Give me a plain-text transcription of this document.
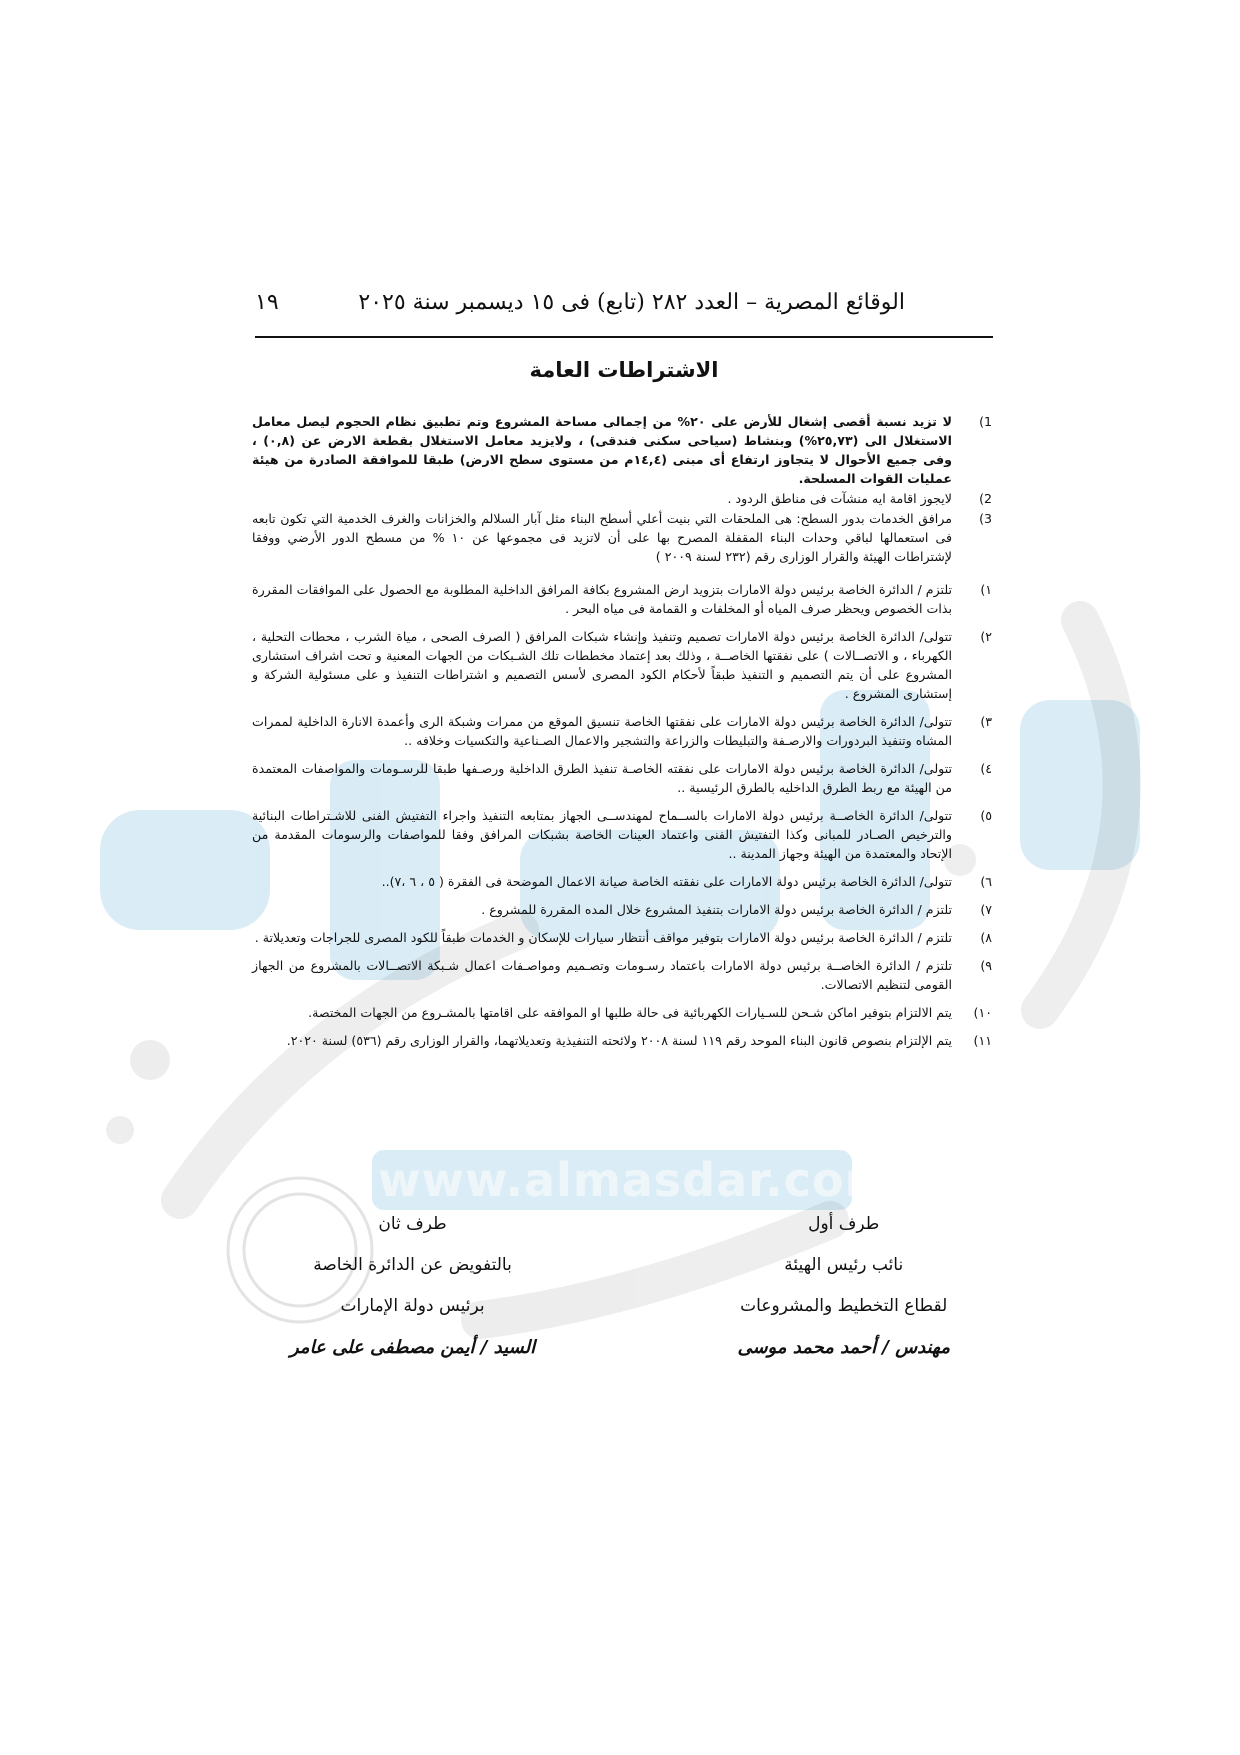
www.almasdar.com
الوقائع المصرية – العدد ٢٨٢ (تابع) فى ١٥ ديسمبر سنة ٢٠٢٥
١٩
الاشتراطات العامة
1)
لا تزيد نسبة أقصى إشغال للأرض على ٢٠% من إجمالى مساحة المشروع وتم تطبيق نظام الحجوم ليصل معامل الاستغلال الى (٢٥,٧٣%) وبنشاط (سياحى سكنى فندقى) ، ولايزيد معامل الاستغلال بقطعة الارض عن (٠,٨) ، وفى جميع الأحوال لا يتجاوز ارتفاع أى مبنى (١٤,٤م من مستوى سطح الارض) طبقا للموافقة الصادرة من هيئة عمليات القوات المسلحة.
2)
لايجوز اقامة ايه منشآت فى مناطق الردود .
3)
مرافق الخدمات بدور السطح: هى الملحقات التي بنيت أعلي أسطح البناء مثل آبار السلالم والخزانات والغرف الخدمية التي تكون تابعه فى استعمالها لباقي وحدات البناء المقفلة المصرح بها على أن لاتزيد فى مجموعها عن ١٠ % من مسطح الدور الأرضي ووفقا لإشتراطات الهيئة والقرار الوزارى رقم (٢٣٢ لسنة ٢٠٠٩ )
١)
تلتزم / الدائرة الخاصة برئيس دولة الامارات بتزويد ارض المشروع بكافة المرافق الداخلية المطلوبة مع الحصول على الموافقات المقررة بذات الخصوص ويحظر صرف المياه أو المخلفات و القمامة فى مياه البحر .
٢)
تتولى/ الدائرة الخاصة برئيس دولة الامارات تصميم وتنفيذ وإنشاء شبكات المرافق ( الصرف الصحى ، مياة الشرب ، محطات التحلية ، الكهرباء ، و الاتصــالات ) على نفقتها الخاصــة ، وذلك بعد إعتماد مخططات تلك الشـبكات من الجهات المعنية و تحت اشراف استشارى المشروع على أن يتم التصميم و التنفيذ طبقاً لأحكام الكود المصرى لأسس التصميم و اشتراطات التنفيذ و على مسئولية الشركة و إستشارى المشروع .
٣)
تتولى/ الدائرة الخاصة برئيس دولة الامارات على نفقتها الخاصة تنسيق الموقع من ممرات وشبكة الرى وأعمدة الانارة الداخلية لممرات المشاه وتنفيذ البردورات والارصـفة والتبليطات والزراعة والتشجير والاعمال الصـناعية والتكسيات وخلافه ..
٤)
تتولى/ الدائرة الخاصة برئيس دولة الامارات على نفقته الخاصـة تنفيذ الطرق الداخلية ورصـفها طبقا للرسـومات والمواصفات المعتمدة من الهيئة مع ربط الطرق الداخليه بالطرق الرئيسية ..
٥)
تتولى/ الدائرة الخاصــة برئيس دولة الامارات بالســماح لمهندســى الجهاز بمتابعه التنفيذ واجراء التفتيش الفنى للاشـتراطات البنائية والترخيص الصـادر للمبانى وكذا التفتيش الفنى واعتماد العينات الخاصة بشبكات المرافق وفقا للمواصفات والرسومات المقدمة من الإتحاد والمعتمدة من الهيئة وجهاز المدينة ..
٦)
تتولى/ الدائرة الخاصة برئيس دولة الامارات على نفقته الخاصة صيانة الاعمال الموضحة فى الفقرة ( ٥ ، ٦ ،٧)..
٧)
تلتزم / الدائرة الخاصة برئيس دولة الامارات بتنفيذ المشروع خلال المده المقررة للمشروع .
٨)
تلتزم / الدائرة الخاصة برئيس دولة الامارات بتوفير مواقف أنتظار سيارات للإسكان و الخدمات طبقاً للكود المصرى للجراجات وتعديلاتة .
٩)
تلتزم / الدائرة الخاصــة برئيس دولة الامارات باعتماد رسـومات وتصـميم ومواصـفات اعمال شـبكة الاتصــالات بالمشروع من الجهاز القومى لتنظيم الاتصالات.
١٠)
يتم الالتزام بتوفير اماكن شـحن للسـيارات الكهربائية فى حالة طلبها او الموافقه على اقامتها بالمشـروع من الجهات المختصة.
١١)
يتم الإلتزام بنصوص قانون البناء الموحد رقم ١١٩ لسنة ٢٠٠٨ ولائحته التنفيذية وتعديلاتهما، والقرار الوزارى رقم (٥٣٦) لسنة ٢٠٢٠.
طرف أول
نائب رئيس الهيئة
لقطاع التخطيط والمشروعات
مهندس / أحمد محمد موسى
طرف ثان
بالتفويض عن الدائرة الخاصة
برئيس دولة الإمارات
السيد / أيمن مصطفى على عامر
